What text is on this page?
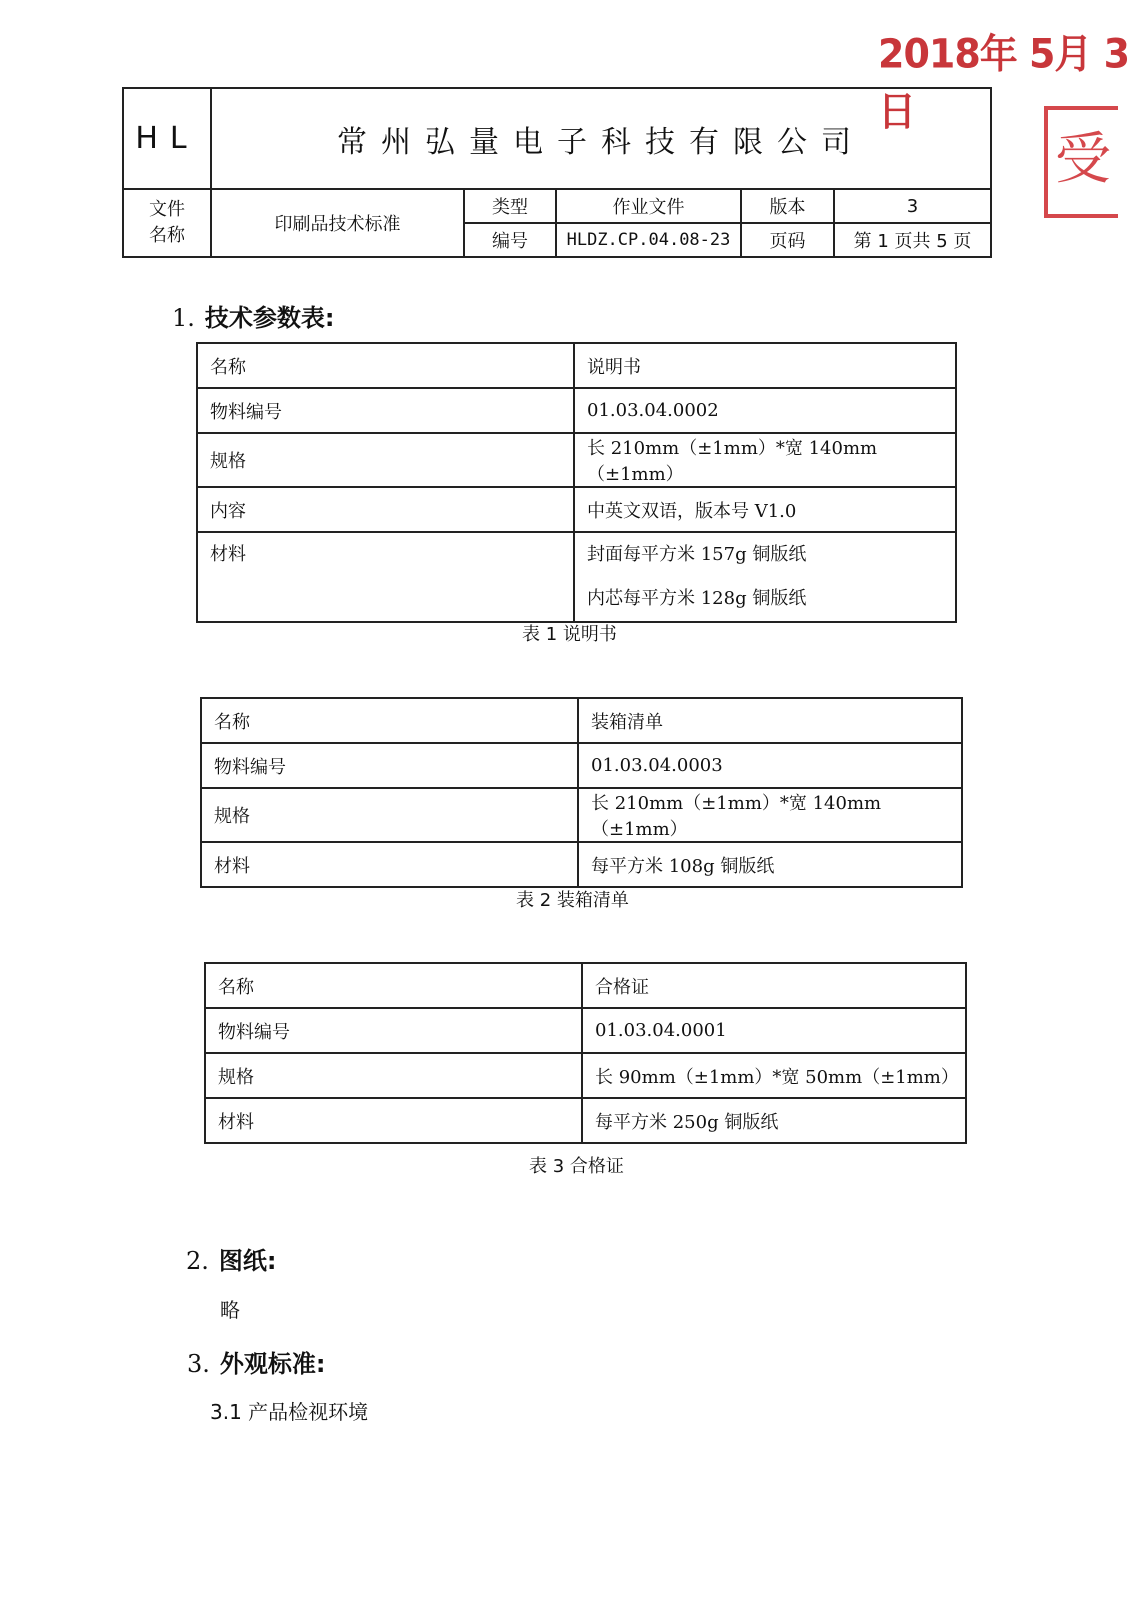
2018年 5月 3日
受
HL	常州弘量电子科技有限公司				
文件
名称	印刷品技术标准	类型	作业文件	版本	3
		编号	HLDZ.CP.04.08-23	页码	第 1 页共 5 页
1. 技术参数表:
名称	说明书
物料编号	01.03.04.0002
规格	长 210mm（±1mm）*宽 140mm（±1mm）
内容	中英文双语，版本号 V1.0

材料	封面每平方米 157g 铜版纸
内芯每平方米 128g 铜版纸
表 1 说明书
名称	装箱清单
物料编号	01.03.04.0003
规格	长 210mm（±1mm）*宽 140mm（±1mm）
材料	每平方米 108g 铜版纸
表 2 装箱清单
名称	合格证
物料编号	01.03.04.0001
规格	长 90mm（±1mm）*宽 50mm（±1mm）
材料	每平方米 250g 铜版纸
表 3 合格证
2. 图纸:
略
3. 外观标准:
3.1 产品检视环境
